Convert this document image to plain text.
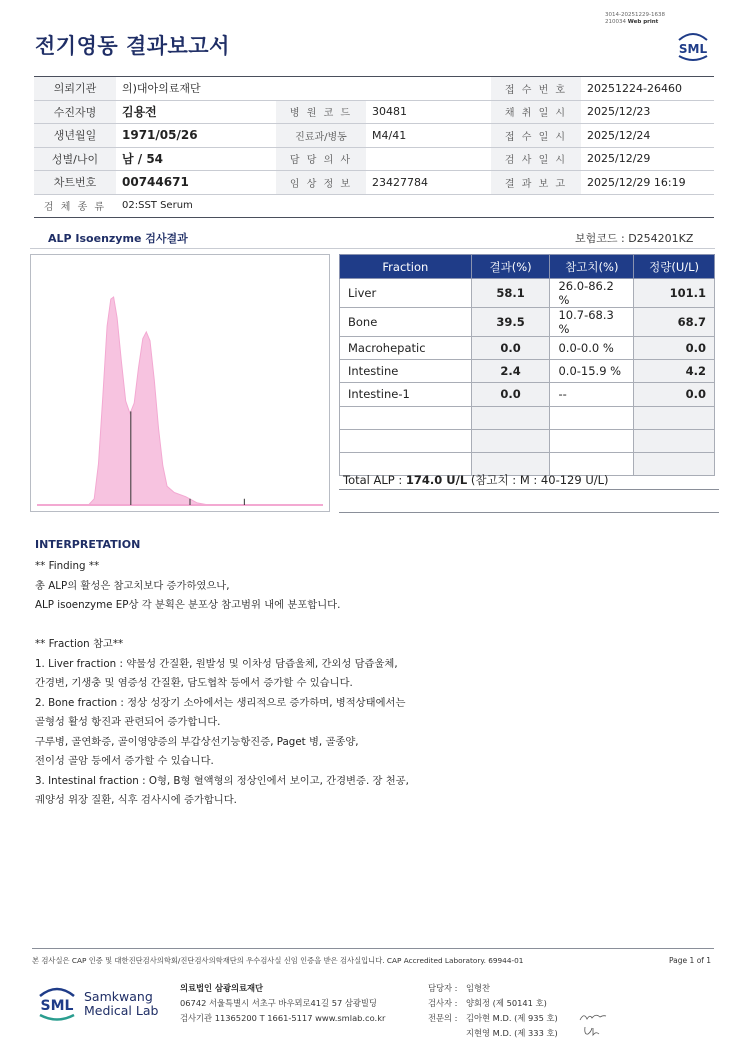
전기영동 결과보고서
3014-20251229-1638
210034 Web print
SML
의뢰기관	의)대아의료재단			접 수 번 호	20251224-26460
수진자명	김용전	병 원 코 드	30481	채 취 일 시	2025/12/23
생년월일	1971/05/26	진료과/병동	M4/41	접 수 일 시	2025/12/24
성별/나이	남 / 54	담 당 의 사		검 사 일 시	2025/12/29
차트번호	00744671	임 상 정 보	23427784	결 과 보 고	2025/12/29 16:19
검 체 종 류	02:SST Serum				
ALP Isoenzyme 검사결과	보험코드 : D254201KZ
Fraction	결과(%)	참고치(%)	정량(U/L)
Liver	58.1	26.0-86.2 %	101.1
Bone	39.5	10.7-68.3 %	68.7
Macrohepatic	0.0	0.0-0.0 %	0.0
Intestine	2.4	0.0-15.9 %	4.2
Intestine-1	0.0	--	0.0

Total ALP : 174.0 U/L (참고치 : M : 40-129 U/L)
INTERPRETATION
** Finding **
총 ALP의 활성은 참고치보다 증가하였으나,
ALP isoenzyme EP상 각 분획은 분포상 참고범위 내에 분포합니다.
** Fraction 참고**
1. Liver fraction : 약물성 간질환, 원발성 및 이차성 담즙울체, 간외성 담즙울체,
간경변, 기생충 및 염증성 간질환, 담도협착 등에서 증가할 수 있습니다.
2. Bone fraction : 정상 성장기 소아에서는 생리적으로 증가하며, 병적상태에서는
골형성 활성 항진과 관련되어 증가합니다.
구루병, 골연화증, 골이영양증의 부갑상선기능항진증, Paget 병, 골종양,
전이성 골암 등에서 증가할 수 있습니다.
3. Intestinal fraction : O형, B형 혈액형의 정상인에서 보이고, 간경변증. 장 천공,
궤양성 위장 질환, 식후 검사시에 증가합니다.
본 검사실은 CAP 인증 및 대한진단검사의학회/진단검사의학재단의 우수검사실 신임 인증을 받은 검사실입니다. CAP Accredited Laboratory. 69944-01	Page 1 of 1
SML
Samkwang
Medical Lab
의료법인 삼광의료재단
06742 서울특별시 서초구 바우뫼로41길 57 삼광빌딩
검사기관 11365200 T 1661-5117 www.smlab.co.kr
담당자 : 임형찬
검사자 : 양회정 (제 50141 호)
전문의 : 김아현 M.D. (제 935 호)
지현영 M.D. (제 333 호)
